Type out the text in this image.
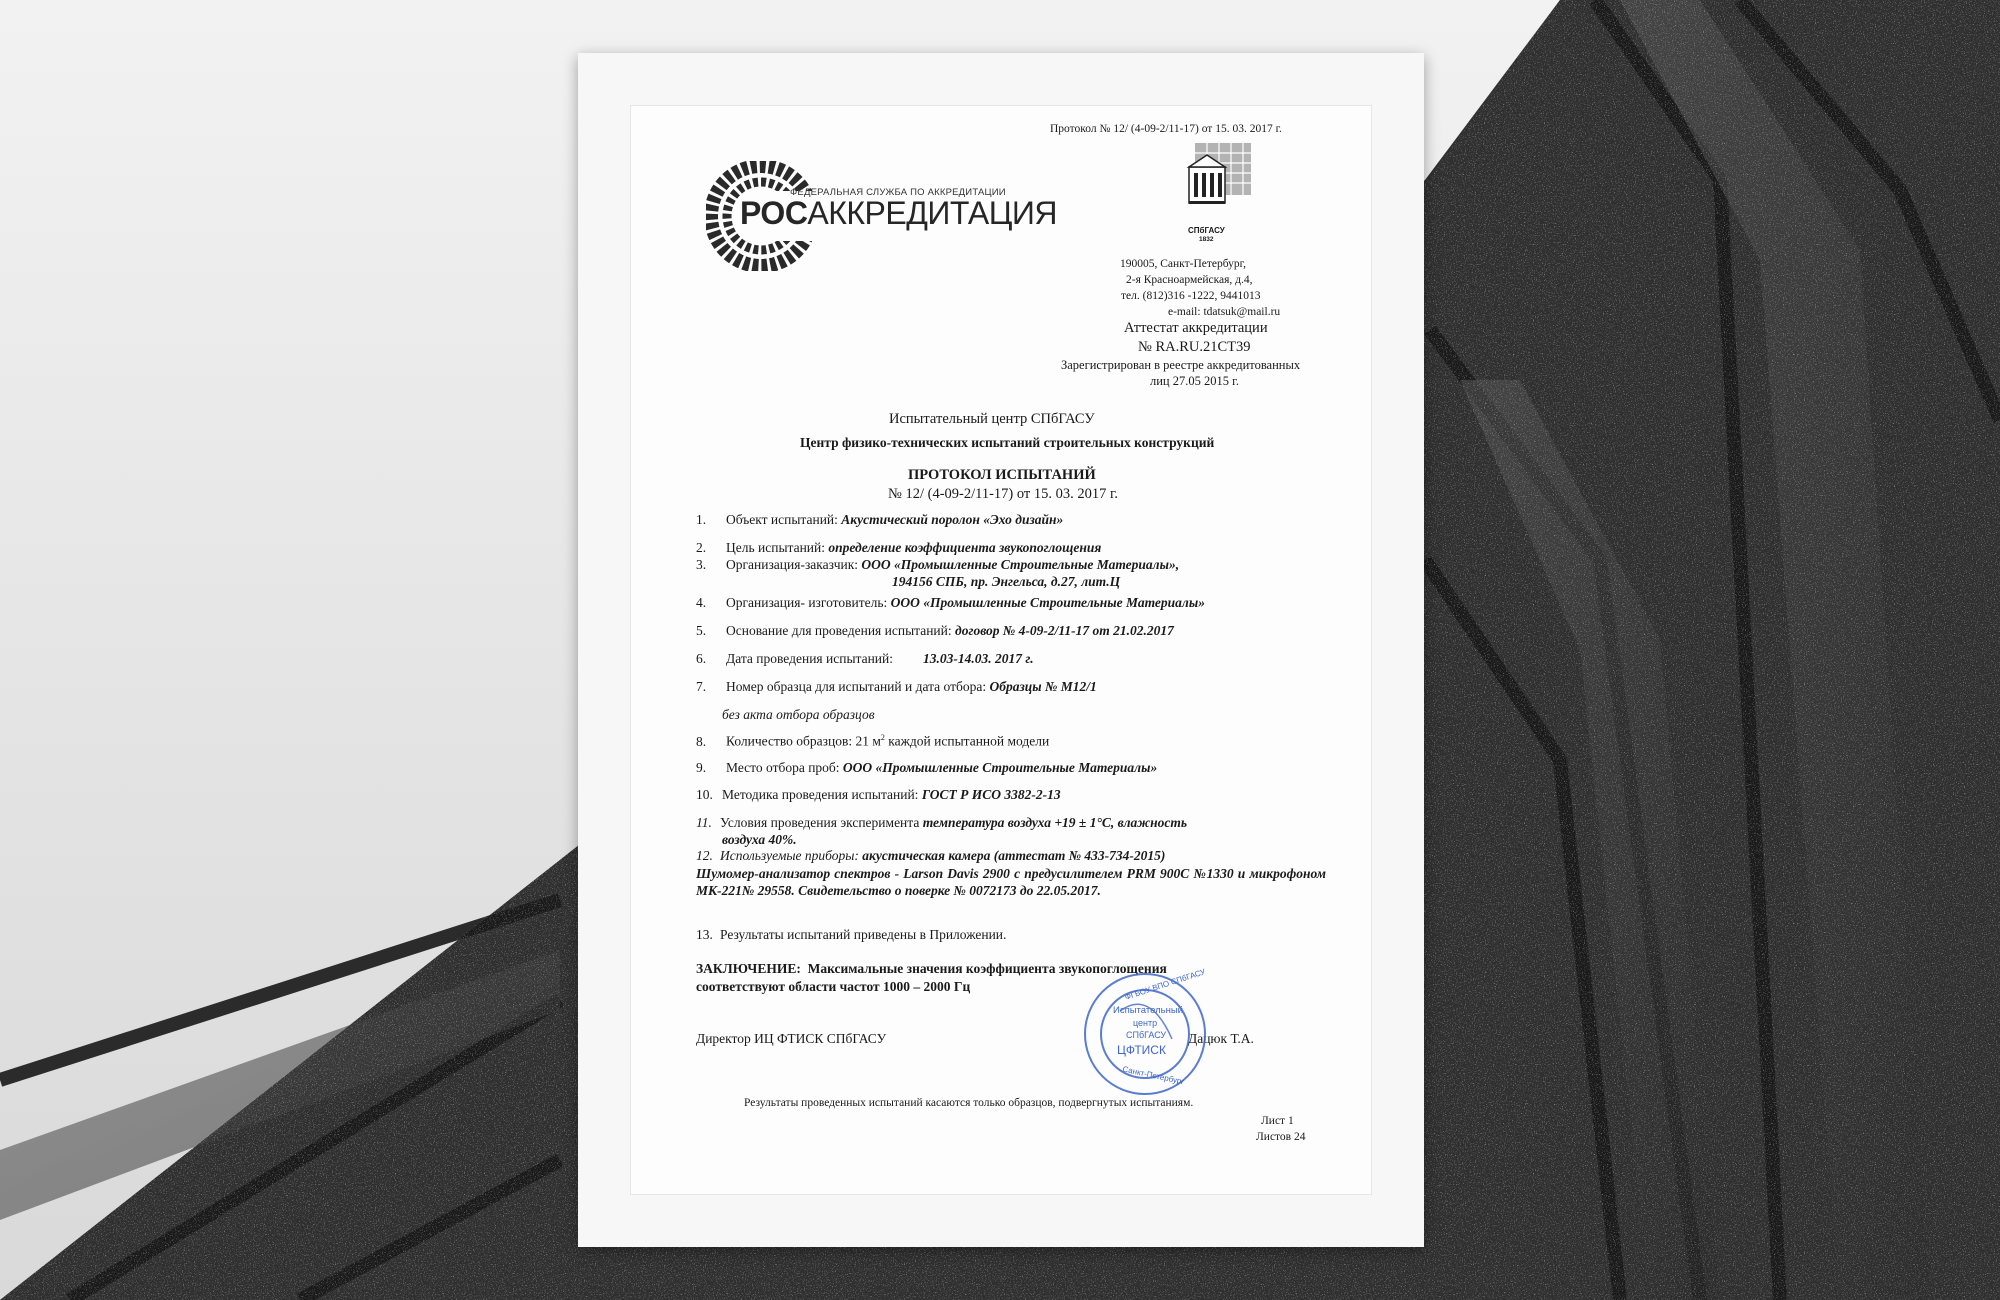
Протокол № 12/ (4-09-2/11-17) от 15. 03. 2017 г.
ФЕДЕРАЛЬНАЯ СЛУЖБА ПО АККРЕДИТАЦИИ
РОСАККРЕДИТАЦИЯ	СПбГАСУ
1832
190005, Санкт-Петербург,
2-я Красноармейская, д.4,
тел. (812)316 -1222, 9441013
e-mail: tdatsuk@mail.ru
Аттестат аккредитации
№ RA.RU.21СТ39
Зарегистрирован в реестре аккредитованных
лиц 27.05 2015 г.
Испытательный центр СПбГАСУ
Центр физико-технических испытаний строительных конструкций
ПРОТОКОЛ ИСПЫТАНИЙ
№ 12/ (4-09-2/11-17) от 15. 03. 2017 г.
1. Объект испытаний: Акустический поролон «Эхо дизайн»
2. Цель испытаний: определение коэффициента звукопоглощения
3. Организация-заказчик: ООО «Промышленные Строительные Материалы»,
194156 СПБ, пр. Энгельса, д.27, лит.Ц
4. Организация- изготовитель: ООО «Промышленные Строительные Материалы»
5. Основание для проведения испытаний: договор № 4-09-2/11-17 от 21.02.2017
6. Дата проведения испытаний: 13.03-14.03. 2017 г.
7. Номер образца для испытаний и дата отбора: Образцы № М12/1
без акта отбора образцов
8. Количество образцов: 21 $м^2$ каждой испытанной модели
9. Место отбора проб: ООО «Промышленные Строительные Материалы»
10. Методика проведения испытаний: ГОСТ Р ИСО 3382-2-13
11. Условия проведения эксперимента температура воздуха +19 ± 1°С, влажность
воздуха 40%.
12. Используемые приборы: акустическая камера (аттестат № 433-734-2015)
Шумомер-анализатор спектров - Larson Davis 2900 с предусилителем PRM 900C №1330 и микрофоном МК-221№ 29558. Свидетельство о поверке № 0072173 до 22.05.2017.
13. Результаты испытаний приведены в Приложении.
ЗАКЛЮЧЕНИЕ: Максимальные значения коэффициента звукопоглощения
соответствуют области частот 1000 – 2000 Гц
Директор ИЦ ФТИСК СПбГАСУ	Дацюк Т.А.
ФГБОУ ВПО СПбГАСУ
Испытательный
центр
СПбГАСУ
ЦФТИСК
Санкт-Петербург
Результаты проведенных испытаний касаются только образцов, подвергнутых испытаниям.
Лист 1
Листов 24
